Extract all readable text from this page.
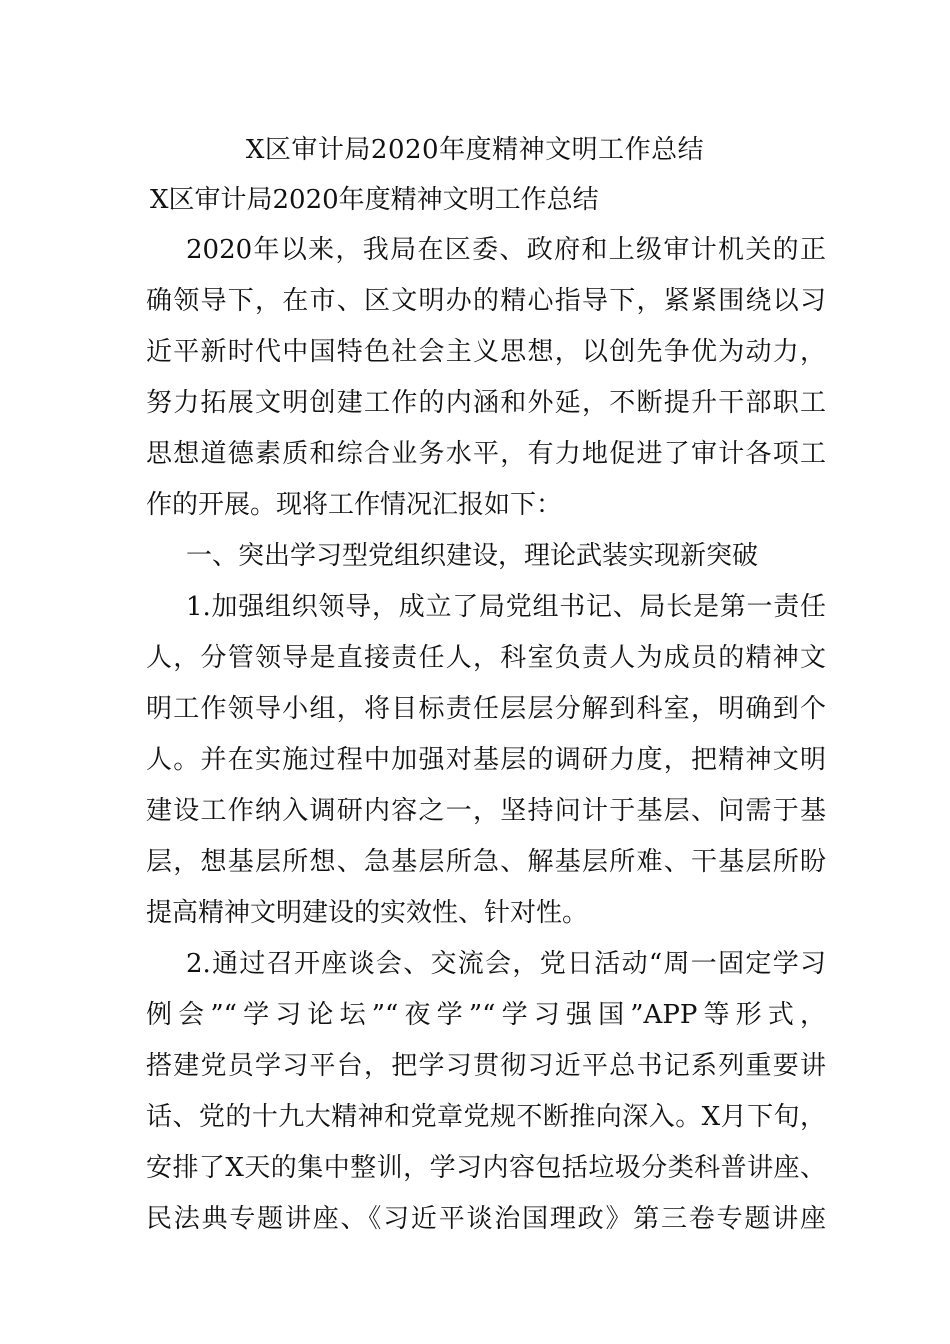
X区审计局2020年度精神文明工作总结
X区审计局2020年度精神文明工作总结
2020年以来，我局在区委、政府和上级审计机关的正
确领导下，在市、区文明办的精心指导下，紧紧围绕以习
近平新时代中国特色社会主义思想，以创先争优为动力，
努力拓展文明创建工作的内涵和外延，不断提升干部职工
思想道德素质和综合业务水平，有力地促进了审计各项工
作的开展。现将工作情况汇报如下：
一、突出学习型党组织建设，理论武装实现新突破
1.加强组织领导，成立了局党组书记、局长是第一责任
人，分管领导是直接责任人，科室负责人为成员的精神文
明工作领导小组，将目标责任层层分解到科室，明确到个
人。并在实施过程中加强对基层的调研力度，把精神文明
建设工作纳入调研内容之一，坚持问计于基层、问需于基
层，想基层所想、急基层所急、解基层所难、干基层所盼
提高精神文明建设的实效性、针对性。
2.通过召开座谈会、交流会，党日活动“周一固定学习
例会”“学习论坛”“夜学”“学习强国”APP等形式，
搭建党员学习平台，把学习贯彻习近平总书记系列重要讲
话、党的十九大精神和党章党规不断推向深入。X月下旬，
安排了X天的集中整训，学习内容包括垃圾分类科普讲座、
民法典专题讲座、《习近平谈治国理政》第三卷专题讲座
